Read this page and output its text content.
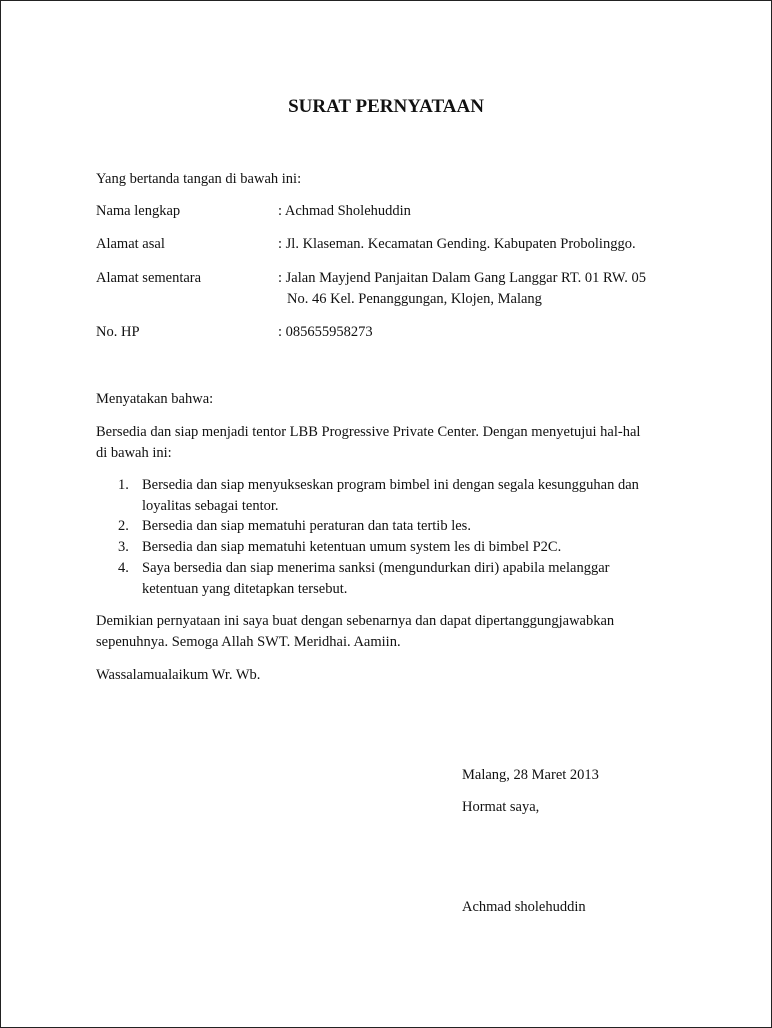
SURAT PERNYATAAN
Yang bertanda tangan di bawah ini:
Nama lengkap	: Achmad Sholehuddin
Alamat asal	: Jl. Klaseman. Kecamatan Gending. Kabupaten Probolinggo.
Alamat sementara	: Jalan Mayjend Panjaitan Dalam Gang Langgar RT. 01 RW. 05
No. 46 Kel. Penanggungan, Klojen, Malang
No. HP	: 085655958273
Menyatakan bahwa:
Bersedia dan siap menjadi tentor LBB Progressive Private Center. Dengan menyetujui hal-hal
di bawah ini:
1. Bersedia dan siap menyukseskan program bimbel ini dengan segala kesungguhan dan
loyalitas sebagai tentor.
2. Bersedia dan siap mematuhi peraturan dan tata tertib les.
3. Bersedia dan siap mematuhi ketentuan umum system les di bimbel P2C.
4. Saya bersedia dan siap menerima sanksi (mengundurkan diri) apabila melanggar
ketentuan yang ditetapkan tersebut.
Demikian pernyataan ini saya buat dengan sebenarnya dan dapat dipertanggungjawabkan
sepenuhnya. Semoga Allah SWT. Meridhai. Aamiin.
Wassalamualaikum Wr. Wb.
Malang, 28 Maret 2013
Hormat saya,
Achmad sholehuddin
